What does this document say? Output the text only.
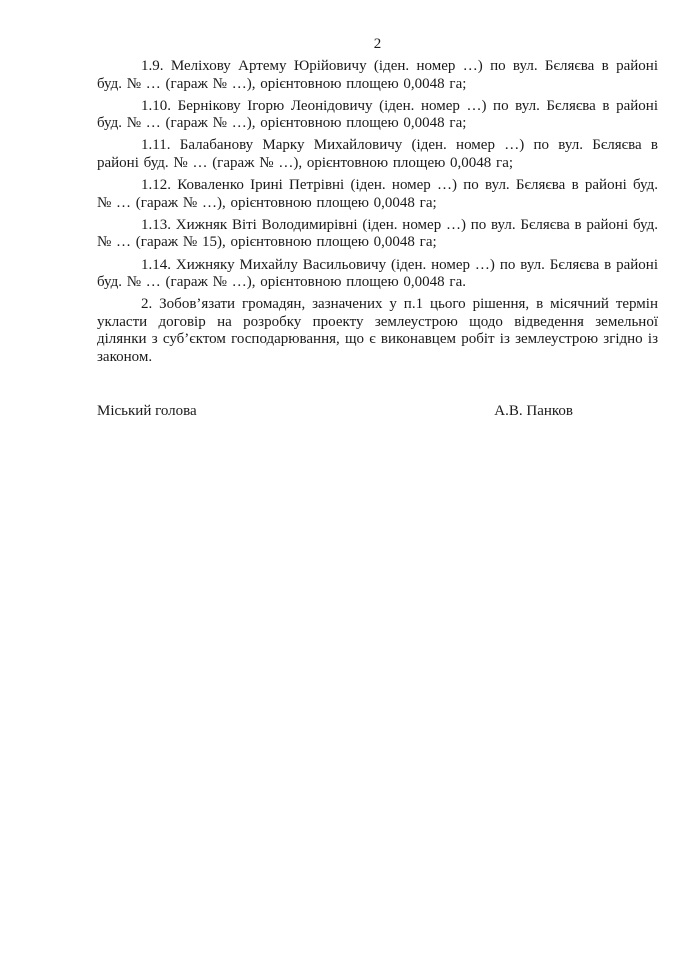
2

1.9. Меліхову Артему Юрійовичу (іден. номер …) по вул. Бєляєва в районі буд. № … (гараж № …), орієнтовною площею 0,0048 га;

1.10. Бернікову Ігорю Леонідовичу (іден. номер …) по вул. Бєляєва в районі буд. № … (гараж № …), орієнтовною площею 0,0048 га;

1.11. Балабанову Марку Михайловичу (іден. номер …) по вул. Бєляєва в районі буд. № … (гараж № …), орієнтовною площею 0,0048 га;

1.12. Коваленко Ірині Петрівні (іден. номер …) по вул. Бєляєва в районі буд. № … (гараж № …), орієнтовною площею 0,0048 га;

1.13. Хижняк Віті Володимирівні (іден. номер …) по вул. Бєляєва в районі буд. № … (гараж № 15), орієнтовною площею 0,0048 га;

1.14. Хижняку Михайлу Васильовичу (іден. номер …) по вул. Бєляєва в районі буд. № … (гараж № …), орієнтовною площею 0,0048 га.

2. Зобов’язати громадян, зазначених у п.1 цього рішення, в місячний термін укласти договір на розробку проекту землеустрою щодо відведення земельної ділянки з суб’єктом господарювання, що є виконавцем робіт із землеустрою згідно із законом.

Міський голова	А.В. Панков
